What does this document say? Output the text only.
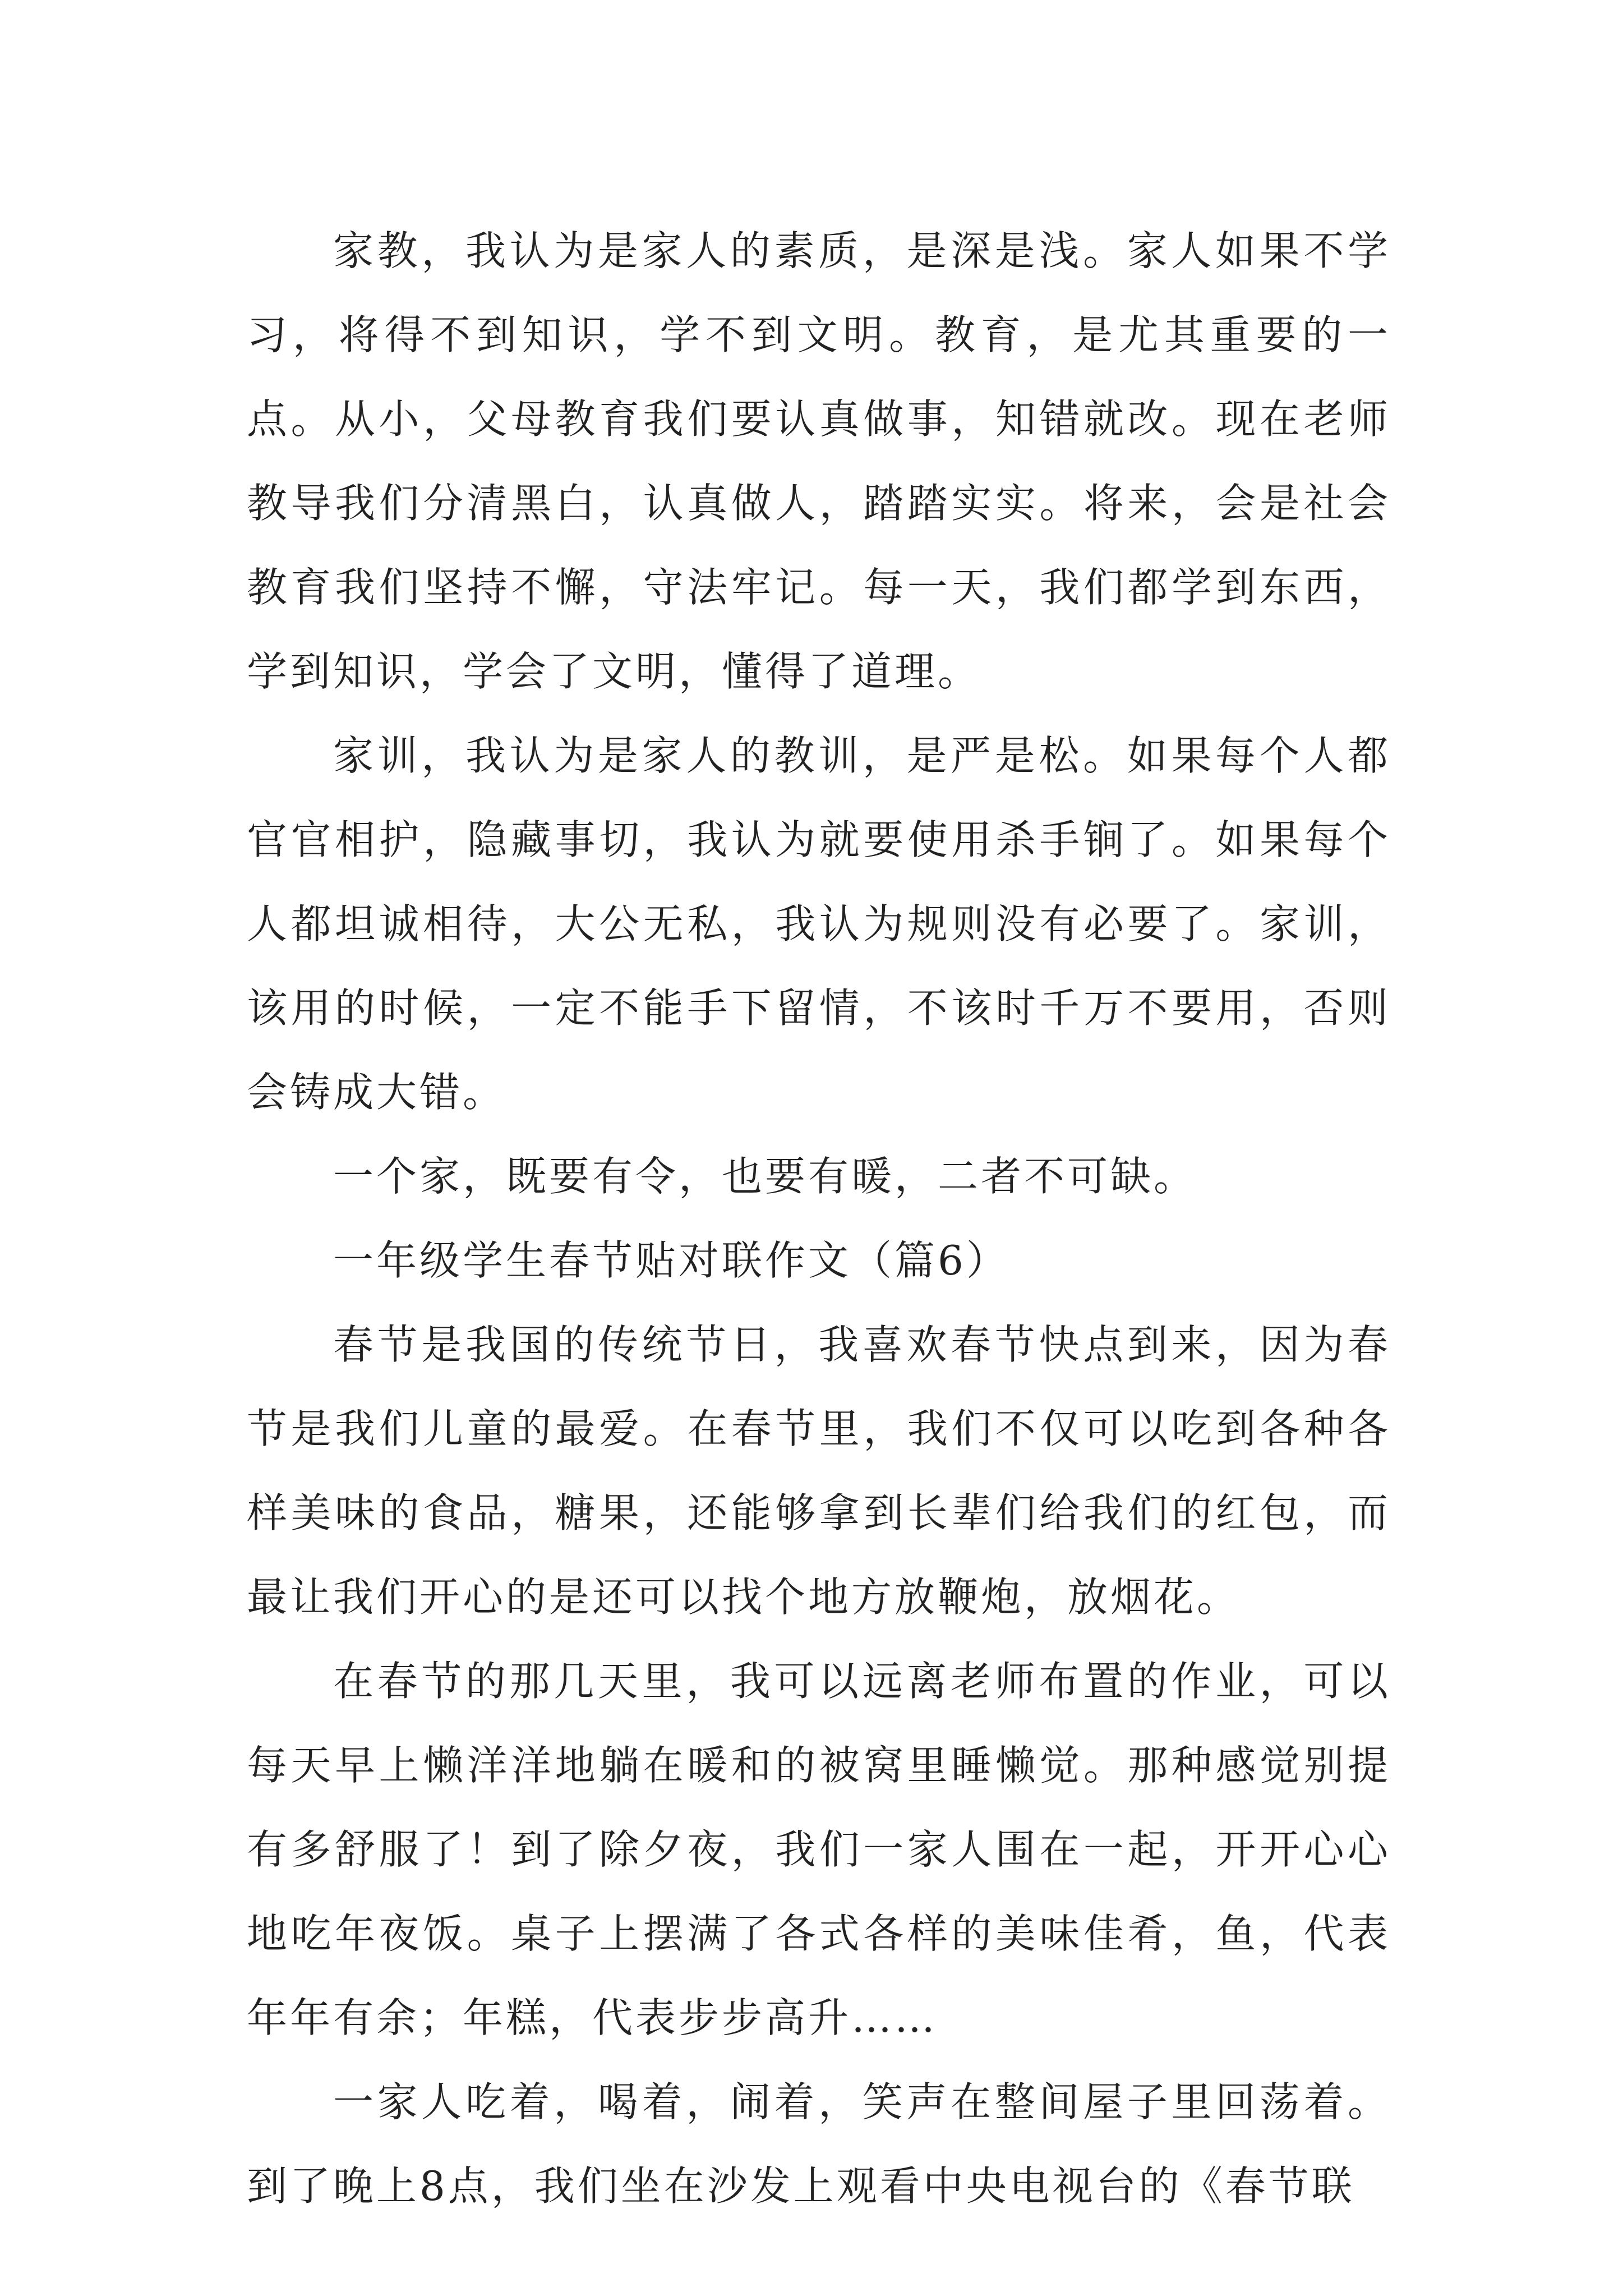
家教，我认为是家人的素质，是深是浅。家人如果不学习，将得不到知识，学不到文明。教育，是尤其重要的一点。从小，父母教育我们要认真做事，知错就改。现在老师教导我们分清黑白，认真做人，踏踏实实。将来，会是社会教育我们坚持不懈，守法牢记。每一天，我们都学到东西，学到知识，学会了文明，懂得了道理。

家训，我认为是家人的教训，是严是松。如果每个人都官官相护，隐藏事切，我认为就要使用杀手锏了。如果每个人都坦诚相待，大公无私，我认为规则没有必要了。家训，该用的时候，一定不能手下留情，不该时千万不要用，否则会铸成大错。

一个家，既要有令，也要有暖，二者不可缺。

一年级学生春节贴对联作文（篇6）

春节是我国的传统节日，我喜欢春节快点到来，因为春节是我们儿童的最爱。在春节里，我们不仅可以吃到各种各样美味的食品，糖果，还能够拿到长辈们给我们的红包，而最让我们开心的是还可以找个地方放鞭炮，放烟花。

在春节的那几天里，我可以远离老师布置的作业，可以每天早上懒洋洋地躺在暖和的被窝里睡懒觉。那种感觉别提有多舒服了！到了除夕夜，我们一家人围在一起，开开心心地吃年夜饭。桌子上摆满了各式各样的美味佳肴，鱼，代表年年有余；年糕，代表步步高升……

一家人吃着，喝着，闹着，笑声在整间屋子里回荡着。到了晚上8点，我们坐在沙发上观看中央电视台的《春节联
